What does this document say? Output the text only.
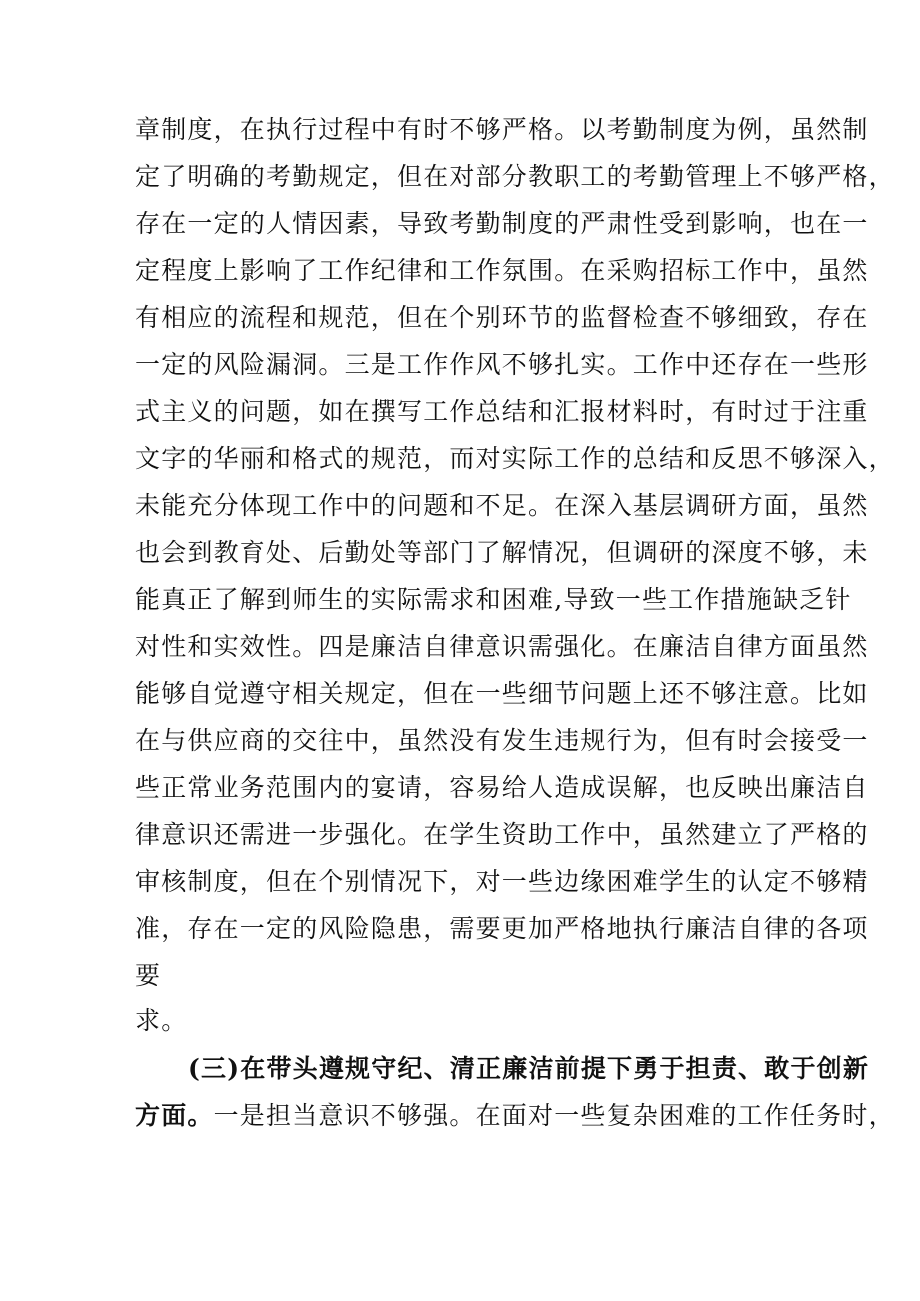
章制度，在执行过程中有时不够严格。以考勤制度为例，虽然制
定了明确的考勤规定，但在对部分教职工的考勤管理上不够严格，
存在一定的人情因素，导致考勤制度的严肃性受到影响，也在一
定程度上影响了工作纪律和工作氛围。在采购招标工作中，虽然
有相应的流程和规范，但在个别环节的监督检查不够细致，存在
一定的风险漏洞。三是工作作风不够扎实。工作中还存在一些形
式主义的问题，如在撰写工作总结和汇报材料时，有时过于注重
文字的华丽和格式的规范，而对实际工作的总结和反思不够深入，
未能充分体现工作中的问题和不足。在深入基层调研方面，虽然
也会到教育处、后勤处等部门了解情况，但调研的深度不够，未
能真正了解到师生的实际需求和困难,导致一些工作措施缺乏针
对性和实效性。四是廉洁自律意识需强化。在廉洁自律方面虽然
能够自觉遵守相关规定，但在一些细节问题上还不够注意。比如
在与供应商的交往中，虽然没有发生违规行为，但有时会接受一
些正常业务范围内的宴请，容易给人造成误解，也反映出廉洁自
律意识还需进一步强化。在学生资助工作中，虽然建立了严格的
审核制度，但在个别情况下，对一些边缘困难学生的认定不够精
准，存在一定的风险隐患，需要更加严格地执行廉洁自律的各项
要
求。
(三)在带头遵规守纪、清正廉洁前提下勇于担责、敢于创新
方面。一是担当意识不够强。在面对一些复杂困难的工作任务时，
